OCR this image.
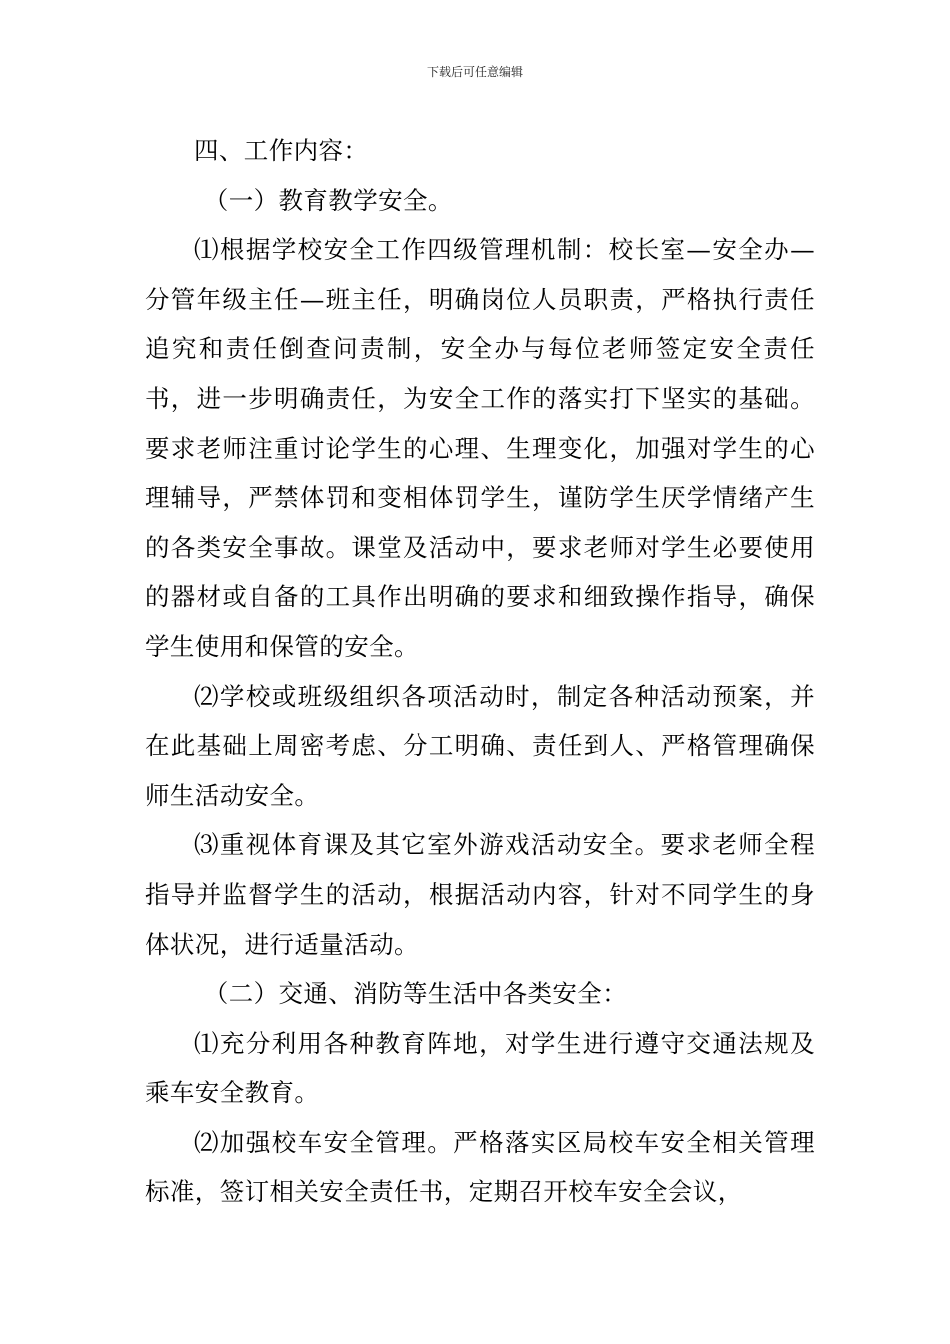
下载后可任意编辑

四、工作内容：

（一）教育教学安全。

⑴根据学校安全工作四级管理机制：校长室—安全办—分管年级主任—班主任，明确岗位人员职责，严格执行责任追究和责任倒查问责制，安全办与每位老师签定安全责任书，进一步明确责任，为安全工作的落实打下坚实的基础。要求老师注重讨论学生的心理、生理变化，加强对学生的心理辅导，严禁体罚和变相体罚学生，谨防学生厌学情绪产生的各类安全事故。课堂及活动中，要求老师对学生必要使用的器材或自备的工具作出明确的要求和细致操作指导，确保学生使用和保管的安全。

⑵学校或班级组织各项活动时，制定各种活动预案，并在此基础上周密考虑、分工明确、责任到人、严格管理确保师生活动安全。

⑶重视体育课及其它室外游戏活动安全。要求老师全程指导并监督学生的活动，根据活动内容，针对不同学生的身体状况，进行适量活动。

（二）交通、消防等生活中各类安全：

⑴充分利用各种教育阵地，对学生进行遵守交通法规及乘车安全教育。

⑵加强校车安全管理。严格落实区局校车安全相关管理标准，签订相关安全责任书，定期召开校车安全会议，
